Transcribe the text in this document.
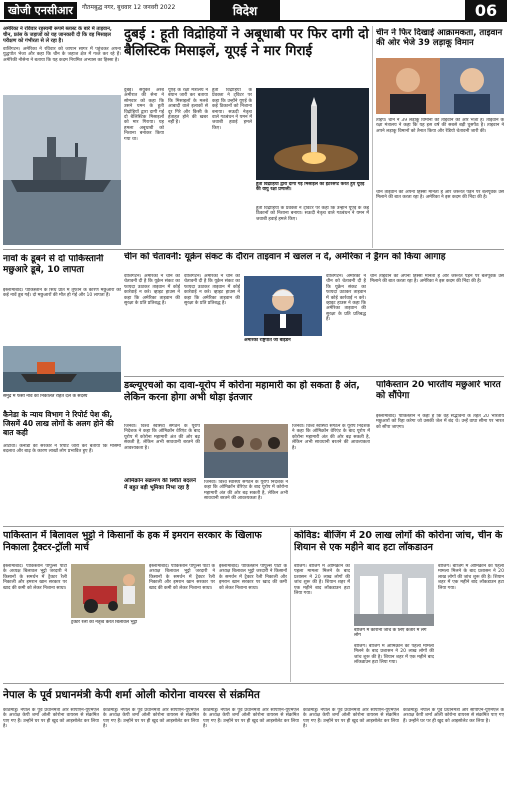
खोजी एनसीआर	गौतमबुद्ध नगर, बुधवार 12 जनवरी 2022	विदेश	06
अमेरिका ने रविवार रहस्यमी रूपमें ब्लास्ट के बारे में ताइवान, चीन, फ्रांस के जहाजों को यह जानकारी दी कि वह मिसाइल परीक्षण को गंभीरता से ले रहा है।
वाशिंगटन। अमेरिका ने रविवार को जापान सागर में पहुंचकर अपना युद्धपोत भेजा और कहा कि चीन के जहाज क्षेत्र में गश्त कर रहे हैं। अमेरिकी नौसेना ने बताया कि यह कदम नियमित अभ्यास का हिस्सा है।
दुबई : हूती विद्रोहियों ने अबूधाबी पर फिर दागी दो बैलिस्टिक मिसाइलें, यूएई ने मार गिराई
दुबई। संयुक्त अरब अमीरात की सेना ने सोमवार को कहा कि उसने यमन के हूती विद्रोहियों द्वारा दागी गई दो बैलिस्टिक मिसाइलों को मार गिराया। यह हमला अबूधाबी को निशाना बनाकर किया गया था।
यूएई के रक्षा मंत्रालय ने बयान जारी कर बताया कि मिसाइलों के मलबे आबादी वाले इलाकों से दूर गिरे और किसी के हताहत होने की खबर नहीं है।
हूती विद्रोहियों के प्रवक्ता ने ट्विटर पर कहा कि उन्होंने यूएई के कई ठिकानों को निशाना बनाया। सऊदी नेतृत्व वाले गठबंधन ने यमन में जवाबी हवाई हमले किए।
हूती विद्रोहियों द्वारा दागी गई मिसाइल को इंटरसेप्ट करते हुए यूएई की वायु रक्षा प्रणाली।
हूती विद्रोहियों के प्रवक्ता ने ट्विटर पर कहा कि उन्होंने यूएई के कई ठिकानों को निशाना बनाया। सऊदी नेतृत्व वाले गठबंधन ने यमन में जवाबी हवाई हमले किए।
चीन ने फिर दिखाई आक्रामकता, ताइवान की ओर भेजे 39 लड़ाकू विमान
ताइपे। चीन ने 39 लड़ाकू विमानों को ताइवान की ओर भेजा है। ताइवान के रक्षा मंत्रालय ने कहा कि यह इस वर्ष की सबसे बड़ी घुसपैठ है। ताइवान ने अपने लड़ाकू विमानों को तैनात किया और रेडियो चेतावनी जारी की।
चीन ताइवान को अपना हिस्सा मानता है और जरूरत पड़ने पर बलपूर्वक उसे मिलाने की बात करता रहा है। अमेरिका ने इस कदम की निंदा की है।
चीन को चेतावनी: यूक्रेन संकट के दौरान ताइवान में खलल न दें, अमेरिका ने ड्रैगन को किया आगाह
नावों के डूबने से दो पाकिस्तानी मछुआरे डूबे, 10 लापता
इस्लामाबाद। पाकिस्तान के सिंध प्रांत में तूफान के कारण मछुआरों की कई नावें डूब गईं। दो मछुआरों की मौत हो गई और 10 लापता हैं।
समुद्र में फंसी नाव को निकालते राहत दल के सदस्य
कैनेडा के न्याय विभाग ने रिपोर्ट पेश की, जिसमें 40 लाख लोगों के अलग होने की बात कही
ओटावा। कनाडा की सरकार ने रिपोर्ट जारी कर बताया कि मौसमी बदलाव और बाढ़ के कारण लाखों लोग प्रभावित हुए हैं।
वाशिंगटन। अमेरिका ने चीन को चेतावनी दी है कि यूक्रेन संकट का फायदा उठाकर ताइवान में कोई कार्रवाई न करे। व्हाइट हाउस ने कहा कि अमेरिका ताइवान की सुरक्षा के प्रति प्रतिबद्ध है।
वाशिंगटन। अमेरिका ने चीन को चेतावनी दी है कि यूक्रेन संकट का फायदा उठाकर ताइवान में कोई कार्रवाई न करे। व्हाइट हाउस ने कहा कि अमेरिका ताइवान की सुरक्षा के प्रति प्रतिबद्ध है।
अमेरिकी राष्ट्रपति जो बाइडन
वाशिंगटन। अमेरिका ने चीन को चेतावनी दी है कि यूक्रेन संकट का फायदा उठाकर ताइवान में कोई कार्रवाई न करे। व्हाइट हाउस ने कहा कि अमेरिका ताइवान की सुरक्षा के प्रति प्रतिबद्ध है।
चीन ताइवान को अपना हिस्सा मानता है और जरूरत पड़ने पर बलपूर्वक उसे मिलाने की बात करता रहा है। अमेरिका ने इस कदम की निंदा की है।
डब्ल्यूएचओ का दावा-यूरोप में कोरोना महामारी का हो सकता है अंत, लेकिन करना होगा अभी थोड़ा इंतजार
जिनेवा। विश्व स्वास्थ्य संगठन के यूरोप निदेशक ने कहा कि ओमिक्रॉन वेरिएंट के बाद यूरोप में कोरोना महामारी अंत की ओर बढ़ सकती है, लेकिन अभी सावधानी बरतने की आवश्यकता है।
ओमिक्रॉन संक्रमण की स्थिति बदलने में बहुत बड़ी भूमिका निभा रहा है
जिनेवा। विश्व स्वास्थ्य संगठन के यूरोप निदेशक ने कहा कि ओमिक्रॉन वेरिएंट के बाद यूरोप में कोरोना महामारी अंत की ओर बढ़ सकती है, लेकिन अभी सावधानी बरतने की आवश्यकता है।
जिनेवा। विश्व स्वास्थ्य संगठन के यूरोप निदेशक ने कहा कि ओमिक्रॉन वेरिएंट के बाद यूरोप में कोरोना महामारी अंत की ओर बढ़ सकती है, लेकिन अभी सावधानी बरतने की आवश्यकता है।
पाकिस्तान 20 भारतीय मछुआरे भारत को सौंपेगा
इस्लामाबाद। पाकिस्तान ने कहा है कि वह सद्भावना के तहत 20 भारतीय मछुआरों को रिहा करेगा जो उसकी जेल में बंद थे। उन्हें वाघा सीमा पर भारत को सौंपा जाएगा।
पाकिस्तान में बिलावल भुट्टो ने किसानों के हक में इमरान सरकार के खिलाफ निकाला ट्रैक्टर-ट्रॉली मार्च
इस्लामाबाद। पाकिस्तान पीपुल्स पार्टी के अध्यक्ष बिलावल भुट्टो जरदारी ने किसानों के समर्थन में ट्रैक्टर रैली निकाली और इमरान खान सरकार पर खाद की कमी को लेकर निशाना साधा।
ट्रैक्टर रैली का नेतृत्व करते बिलावल भुट्टो
इस्लामाबाद। पाकिस्तान पीपुल्स पार्टी के अध्यक्ष बिलावल भुट्टो जरदारी ने किसानों के समर्थन में ट्रैक्टर रैली निकाली और इमरान खान सरकार पर खाद की कमी को लेकर निशाना साधा।
इस्लामाबाद। पाकिस्तान पीपुल्स पार्टी के अध्यक्ष बिलावल भुट्टो जरदारी ने किसानों के समर्थन में ट्रैक्टर रैली निकाली और इमरान खान सरकार पर खाद की कमी को लेकर निशाना साधा।
कोविड: बीजिंग में 20 लाख लोगों की कोरोना जांच, चीन के शियान से एक महीने बाद हटा लॉकडाउन
बीजिंग। बीजिंग में ओमिक्रॉन का पहला मामला मिलने के बाद प्रशासन ने 20 लाख लोगों की जांच शुरू की है। शियान शहर में एक महीने बाद लॉकडाउन हटा लिया गया।
बीजिंग में कोरोना जांच के लिए कतार में लगे लोग
बीजिंग। बीजिंग में ओमिक्रॉन का पहला मामला मिलने के बाद प्रशासन ने 20 लाख लोगों की जांच शुरू की है। शियान शहर में एक महीने बाद लॉकडाउन हटा लिया गया।
बीजिंग। बीजिंग में ओमिक्रॉन का पहला मामला मिलने के बाद प्रशासन ने 20 लाख लोगों की जांच शुरू की है। शियान शहर में एक महीने बाद लॉकडाउन हटा लिया गया।
नेपाल के पूर्व प्रधानमंत्री केपी शर्मा ओली कोरोना वायरस से संक्रमित
काठमांडू। नेपाल के पूर्व प्रधानमंत्री और सीपीएन-यूएमएल के अध्यक्ष केपी शर्मा ओली कोरोना वायरस से संक्रमित पाए गए हैं। उन्होंने घर पर ही खुद को आइसोलेट कर लिया है।
काठमांडू। नेपाल के पूर्व प्रधानमंत्री और सीपीएन-यूएमएल के अध्यक्ष केपी शर्मा ओली कोरोना वायरस से संक्रमित पाए गए हैं। उन्होंने घर पर ही खुद को आइसोलेट कर लिया है।
काठमांडू। नेपाल के पूर्व प्रधानमंत्री और सीपीएन-यूएमएल के अध्यक्ष केपी शर्मा ओली कोरोना वायरस से संक्रमित पाए गए हैं। उन्होंने घर पर ही खुद को आइसोलेट कर लिया है।
काठमांडू। नेपाल के पूर्व प्रधानमंत्री और सीपीएन-यूएमएल के अध्यक्ष केपी शर्मा ओली कोरोना वायरस से संक्रमित पाए गए हैं। उन्होंने घर पर ही खुद को आइसोलेट कर लिया है।
काठमांडू। नेपाल के पूर्व प्रधानमंत्री और सीपीएन-यूएमएल के अध्यक्ष केपी शर्मा ओली कोरोना वायरस से संक्रमित पाए गए हैं। उन्होंने घर पर ही खुद को आइसोलेट कर लिया है।
